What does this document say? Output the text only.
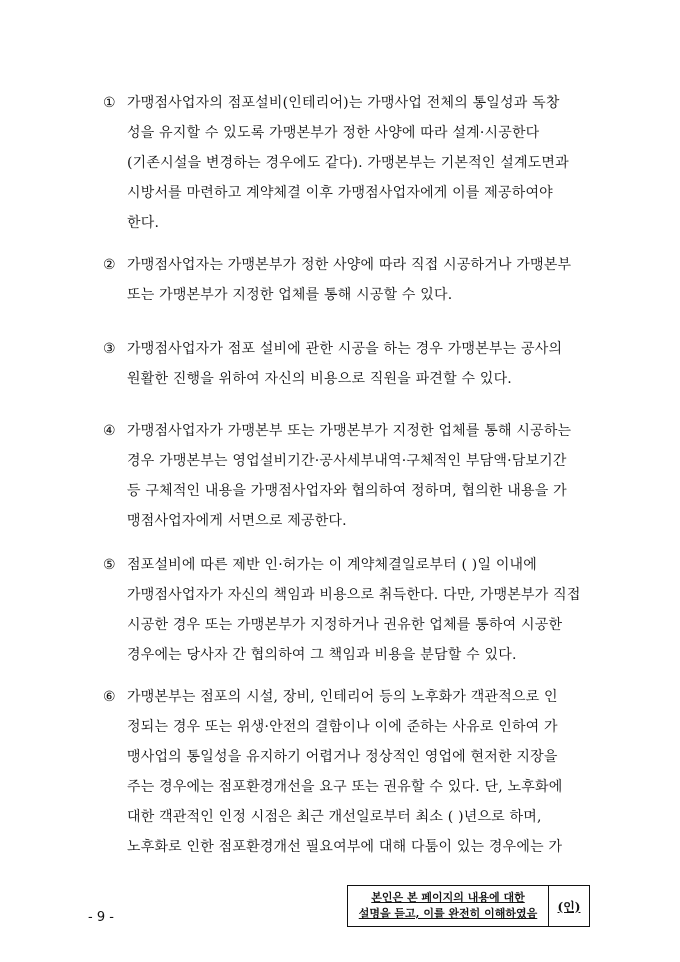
① 가맹점사업자의 점포설비(인테리어)는 가맹사업 전체의 통일성과 독창
성을 유지할 수 있도록 가맹본부가 정한 사양에 따라 설계·시공한다
(기존시설을 변경하는 경우에도 같다). 가맹본부는 기본적인 설계도면과
시방서를 마련하고 계약체결 이후 가맹점사업자에게 이를 제공하여야
한다.
② 가맹점사업자는 가맹본부가 정한 사양에 따라 직접 시공하거나 가맹본부
또는 가맹본부가 지정한 업체를 통해 시공할 수 있다.
③ 가맹점사업자가 점포 설비에 관한 시공을 하는 경우 가맹본부는 공사의
원활한 진행을 위하여 자신의 비용으로 직원을 파견할 수 있다.
④ 가맹점사업자가 가맹본부 또는 가맹본부가 지정한 업체를 통해 시공하는
경우 가맹본부는 영업설비기간·공사세부내역·구체적인 부담액·담보기간
등 구체적인 내용을 가맹점사업자와 협의하여 정하며, 협의한 내용을 가
맹점사업자에게 서면으로 제공한다.
⑤ 점포설비에 따른 제반 인·허가는 이 계약체결일로부터 ( )일 이내에
가맹점사업자가 자신의 책임과 비용으로 취득한다. 다만, 가맹본부가 직접
시공한 경우 또는 가맹본부가 지정하거나 권유한 업체를 통하여 시공한
경우에는 당사자 간 협의하여 그 책임과 비용을 분담할 수 있다.
⑥ 가맹본부는 점포의 시설, 장비, 인테리어 등의 노후화가 객관적으로 인
정되는 경우 또는 위생·안전의 결함이나 이에 준하는 사유로 인하여 가
맹사업의 통일성을 유지하기 어렵거나 정상적인 영업에 현저한 지장을
주는 경우에는 점포환경개선을 요구 또는 권유할 수 있다. 단, 노후화에
대한 객관적인 인정 시점은 최근 개선일로부터 최소 ( )년으로 하며,
노후화로 인한 점포환경개선 필요여부에 대해 다툼이 있는 경우에는 가
- 9 -
본인은 본 페이지의 내용에 대한
설명을 듣고, 이를 완전히 이해하였음 (인)
